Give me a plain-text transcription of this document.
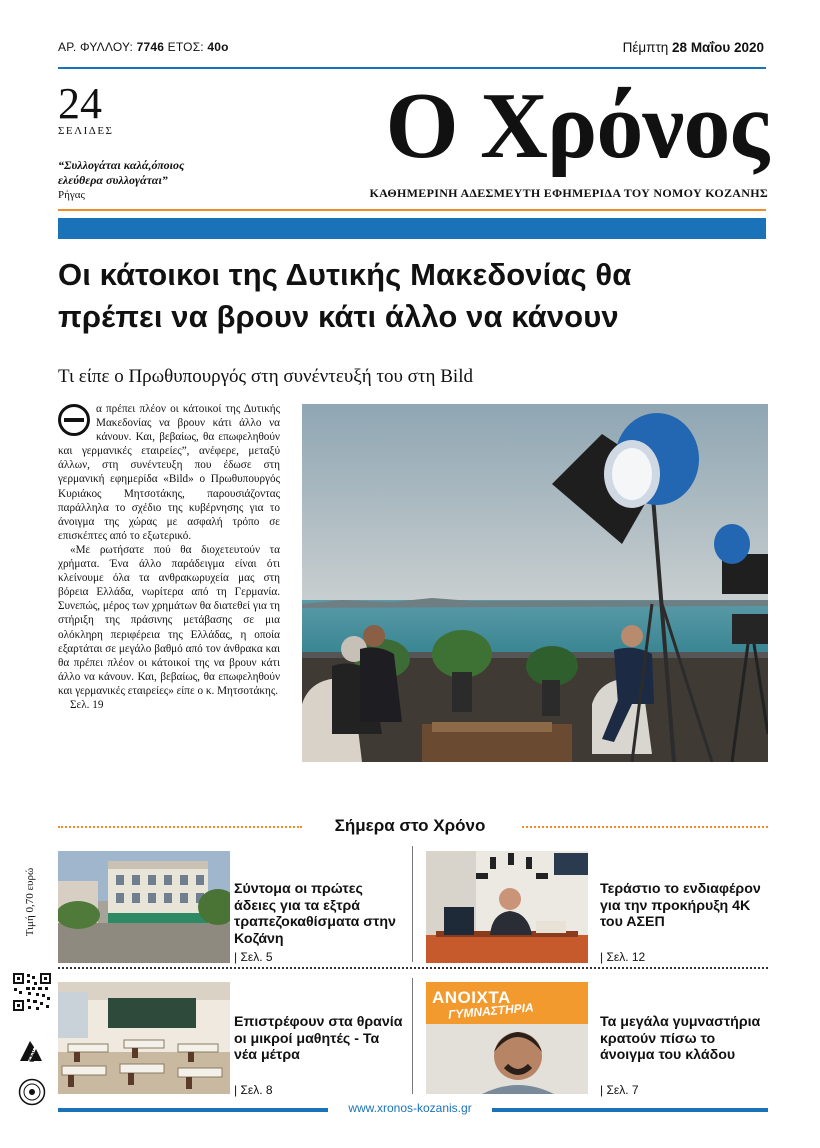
ΑΡ. ΦΥΛΛΟΥ: 7746 ΕΤΟΣ: 40ο	Πέμπτη 28 Μαΐου 2020
24
ΣΕΛΙΔΕΣ
“Συλλογάται καλά,όποιος
ελεύθερα συλλογάται”
Ρήγας
Ο Χρόνος
ΚΑΘΗΜΕΡΙΝΗ ΑΔΕΣΜΕΥΤΗ ΕΦΗΜΕΡΙΔΑ ΤΟΥ ΝΟΜΟΥ ΚΟΖΑΝΗΣ
Οι κάτοικοι της Δυτικής Μακεδονίας θα
πρέπει να βρουν κάτι άλλο να κάνουν
Τι είπε ο Πρωθυπουργός στη συνέντευξή του στη Bild

α πρέπει πλέον οι κάτοικοί της Δυτικής Μακεδονίας να βρουν κάτι άλλο να κάνουν. Και, βεβαίως, θα επωφεληθούν και γερμανικές εταιρείες”, ανέφερε, μεταξύ άλλων, στη συνέντευξη που έδωσε στη γερμανική εφημερίδα «Bild» ο Πρωθυπουργός Κυριάκος Μητσοτάκης, παρουσιάζοντας παράλληλα το σχέδιο της κυβέρνησης για το άνοιγμα της χώρας με ασφαλή τρόπο σε επισκέπτες από το εξωτερικό.

«Με ρωτήσατε πού θα διοχετευτούν τα χρήματα. Ένα άλλο παράδειγμα είναι ότι κλείνουμε όλα τα ανθρακωρυχεία μας στη βόρεια Ελλάδα, νωρίτερα από τη Γερμανία. Συνεπώς, μέρος των χρημάτων θα διατεθεί για τη στήριξη της πράσινης μετάβασης σε μια ολόκληρη περιφέρεια της Ελλάδας, η οποία εξαρτάται σε μεγάλο βαθμό από τον άνθρακα και θα πρέπει πλέον οι κάτοικοί της να βρουν κάτι άλλο να κάνουν. Και, βεβαίως, θα επωφεληθούν και γερμανικές εταιρείες» είπε ο κ. Μητσοτάκης.

Σελ. 19
Σήμερα στο Χρόνο
Σύντομα οι πρώτες άδειες για τα εξτρά τραπεζοκαθίσματα στην Κοζάνη
| Σελ. 5
Τεράστιο το ενδιαφέρον για την προκήρυξη 4Κ του ΑΣΕΠ
| Σελ. 12
Επιστρέφουν στα θρανία οι μικροί μαθητές - Τα νέα μέτρα
| Σελ. 8
ΑΝΟΙΧΤΑ
ΓΥΜΝΑΣΤΗΡΙΑ
Τα μεγάλα γυμναστήρια κρατούν πίσω το άνοιγμα του κλάδου
| Σελ. 7
Τιμή 0,70 ευρώ
ΕΛΤΑ
www.xronos-kozanis.gr
